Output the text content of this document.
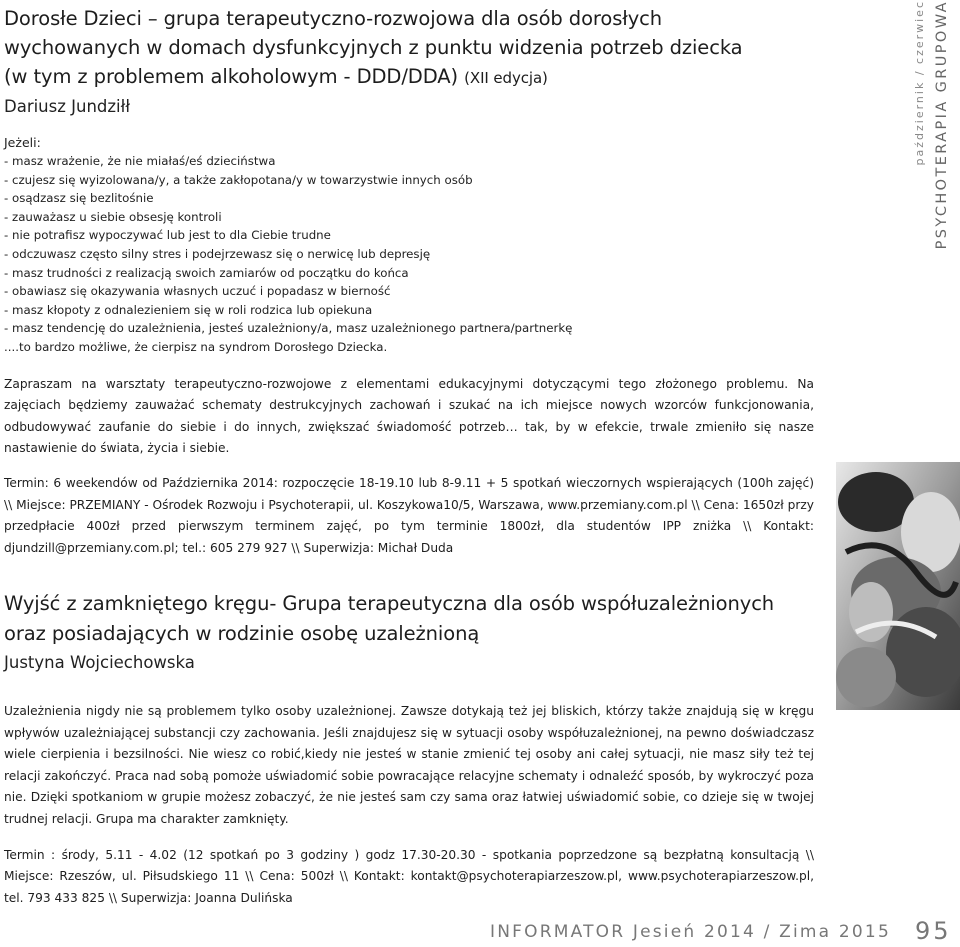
PSYCHOTERAPIA GRUPOWA
październik / czerwiec
Dorosłe Dzieci – grupa terapeutyczno-rozwojowa dla osób dorosłych
wychowanych w domach dysfunkcyjnych z punktu widzenia potrzeb dziecka
(w tym z problemem alkoholowym - DDD/DDA) (XII edycja)
Dariusz Jundziłł
Jeżeli:
- masz wrażenie, że nie miałaś/eś dzieciństwa
- czujesz się wyizolowana/y, a także zakłopotana/y w towarzystwie innych osób
- osądzasz się bezlitośnie
- zauważasz u siebie obsesję kontroli
- nie potrafisz wypoczywać lub jest to dla Ciebie trudne
- odczuwasz często silny stres i podejrzewasz się o nerwicę lub depresję
- masz trudności z realizacją swoich zamiarów od początku do końca
- obawiasz się okazywania własnych uczuć i popadasz w bierność
- masz kłopoty z odnalezieniem się w roli rodzica lub opiekuna
- masz tendencję do uzależnienia, jesteś uzależniony/a, masz uzależnionego partnera/partnerkę
....to bardzo możliwe, że cierpisz na syndrom Dorosłego Dziecka.

Zapraszam na warsztaty terapeutyczno-rozwojowe z elementami edukacyjnymi dotyczącymi tego złożonego problemu. Na zajęciach będziemy zauważać schematy destrukcyjnych zachowań i szukać na ich miejsce nowych wzorców funkcjonowania, odbudowywać zaufanie do siebie i do innych, zwiększać świadomość potrzeb… tak, by w efekcie, trwale zmieniło się nasze nastawienie do świata, życia i siebie.

Termin: 6 weekendów od Października 2014: rozpoczęcie 18-19.10 lub 8-9.11 + 5 spotkań wieczornych wspierających (100h zajęć) \\ Miejsce: PRZEMIANY - Ośrodek Rozwoju i Psychoterapii, ul. Koszykowa10/5, Warszawa, www.przemiany.com.pl \\ Cena: 1650zł przy przedpłacie 400zł przed pierwszym terminem zajęć, po tym terminie 1800zł, dla studentów IPP zniżka \\ Kontakt: djundzill@przemiany.com.pl; tel.: 605 279 927 \\ Superwizja: Michał Duda

Wyjść z zamkniętego kręgu- Grupa terapeutyczna dla osób współuzależnionych
oraz posiadających w rodzinie osobę uzależnioną
Justyna Wojciechowska

Uzależnienia nigdy nie są problemem tylko osoby uzależnionej. Zawsze dotykają też jej bliskich, którzy także znajdują się w kręgu wpływów uzależniającej substancji czy zachowania. Jeśli znajdujesz się w sytuacji osoby współuzależnionej, na pewno doświadczasz wiele cierpienia i bezsilności. Nie wiesz co robić,kiedy nie jesteś w stanie zmienić tej osoby ani całej sytuacji, nie masz siły też tej relacji zakończyć. Praca nad sobą pomoże uświadomić sobie powracające relacyjne schematy i odnaleźć sposób, by wykroczyć poza nie. Dzięki spotkaniom w grupie możesz zobaczyć, że nie jesteś sam czy sama oraz łatwiej uświadomić sobie, co dzieje się w twojej trudnej relacji. Grupa ma charakter zamknięty.

Termin : środy, 5.11 - 4.02 (12 spotkań po 3 godziny ) godz 17.30-20.30 - spotkania poprzedzone są bezpłatną konsultacją \\ Miejsce: Rzeszów, ul. Piłsudskiego 11 \\ Cena: 500zł \\ Kontakt: kontakt@psychoterapiarzeszow.pl, www.psychoterapiarzeszow.pl, tel. 793 433 825 \\ Superwizja: Joanna Dulińska

INFORMATOR Jesień 2014 / Zima 2015 95
